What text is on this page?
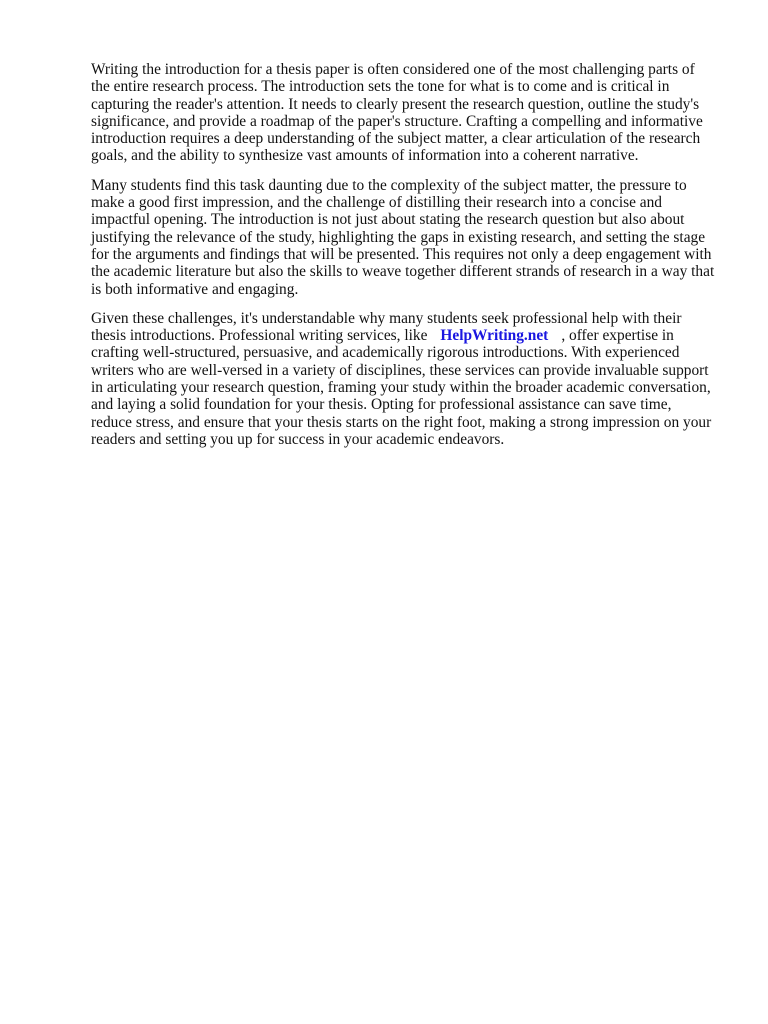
Writing the introduction for a thesis paper is often considered one of the most challenging parts of
the entire research process. The introduction sets the tone for what is to come and is critical in
capturing the reader's attention. It needs to clearly present the research question, outline the study's
significance, and provide a roadmap of the paper's structure. Crafting a compelling and informative
introduction requires a deep understanding of the subject matter, a clear articulation of the research
goals, and the ability to synthesize vast amounts of information into a coherent narrative.

Many students find this task daunting due to the complexity of the subject matter, the pressure to
make a good first impression, and the challenge of distilling their research into a concise and
impactful opening. The introduction is not just about stating the research question but also about
justifying the relevance of the study, highlighting the gaps in existing research, and setting the stage
for the arguments and findings that will be presented. This requires not only a deep engagement with
the academic literature but also the skills to weave together different strands of research in a way that
is both informative and engaging.

Given these challenges, it's understandable why many students seek professional help with their
thesis introductions. Professional writing services, like HelpWriting.net , offer expertise in
crafting well-structured, persuasive, and academically rigorous introductions. With experienced
writers who are well-versed in a variety of disciplines, these services can provide invaluable support
in articulating your research question, framing your study within the broader academic conversation,
and laying a solid foundation for your thesis. Opting for professional assistance can save time,
reduce stress, and ensure that your thesis starts on the right foot, making a strong impression on your
readers and setting you up for success in your academic endeavors.
